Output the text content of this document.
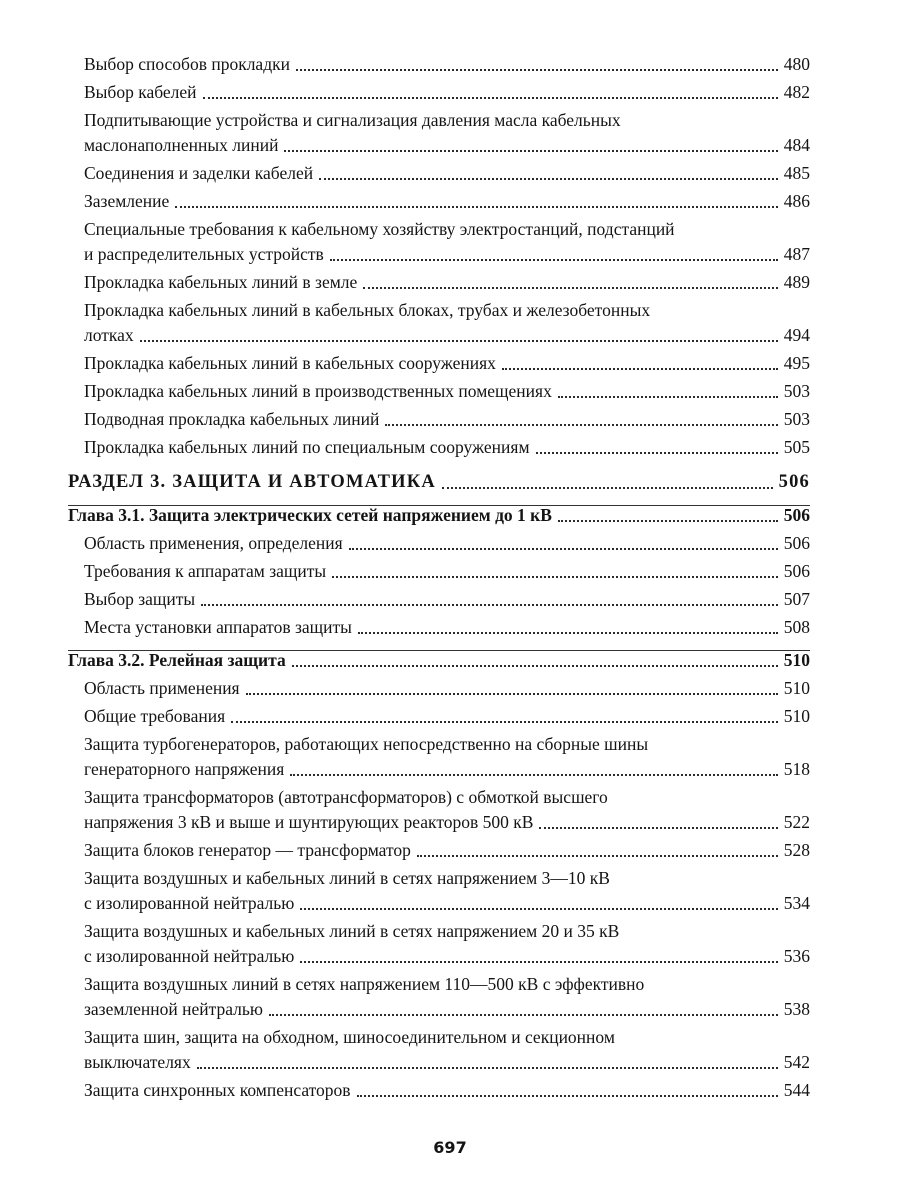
Выбор способов прокладки	480
Выбор кабелей	482
Подпитывающие устройства и сигнализация давления масла кабельных
маслонаполненных линий	484
Соединения и заделки кабелей	485
Заземление	486
Специальные требования к кабельному хозяйству электростанций, подстанций
и распределительных устройств	487
Прокладка кабельных линий в земле	489
Прокладка кабельных линий в кабельных блоках, трубах и железобетонных
лотках	494
Прокладка кабельных линий в кабельных сооружениях	495
Прокладка кабельных линий в производственных помещениях	503
Подводная прокладка кабельных линий	503
Прокладка кабельных линий по специальным сооружениям	505
РАЗДЕЛ 3. ЗАЩИТА И АВТОМАТИКА	506
Глава 3.1. Защита электрических сетей напряжением до 1 кВ	506
Область применения, определения	506
Требования к аппаратам защиты	506
Выбор защиты	507
Места установки аппаратов защиты	508
Глава 3.2. Релейная защита	510
Область применения	510
Общие требования	510
Защита турбогенераторов, работающих непосредственно на сборные шины
генераторного напряжения	518
Защита трансформаторов (автотрансформаторов) с обмоткой высшего
напряжения 3 кВ и выше и шунтирующих реакторов 500 кВ	522
Защита блоков генератор — трансформатор	528
Защита воздушных и кабельных линий в сетях напряжением 3—10 кВ
с изолированной нейтралью	534
Защита воздушных и кабельных линий в сетях напряжением 20 и 35 кВ
с изолированной нейтралью	536
Защита воздушных линий в сетях напряжением 110—500 кВ с эффективно
заземленной нейтралью	538
Защита шин, защита на обходном, шиносоединительном и секционном
выключателях	542
Защита синхронных компенсаторов	544
697
